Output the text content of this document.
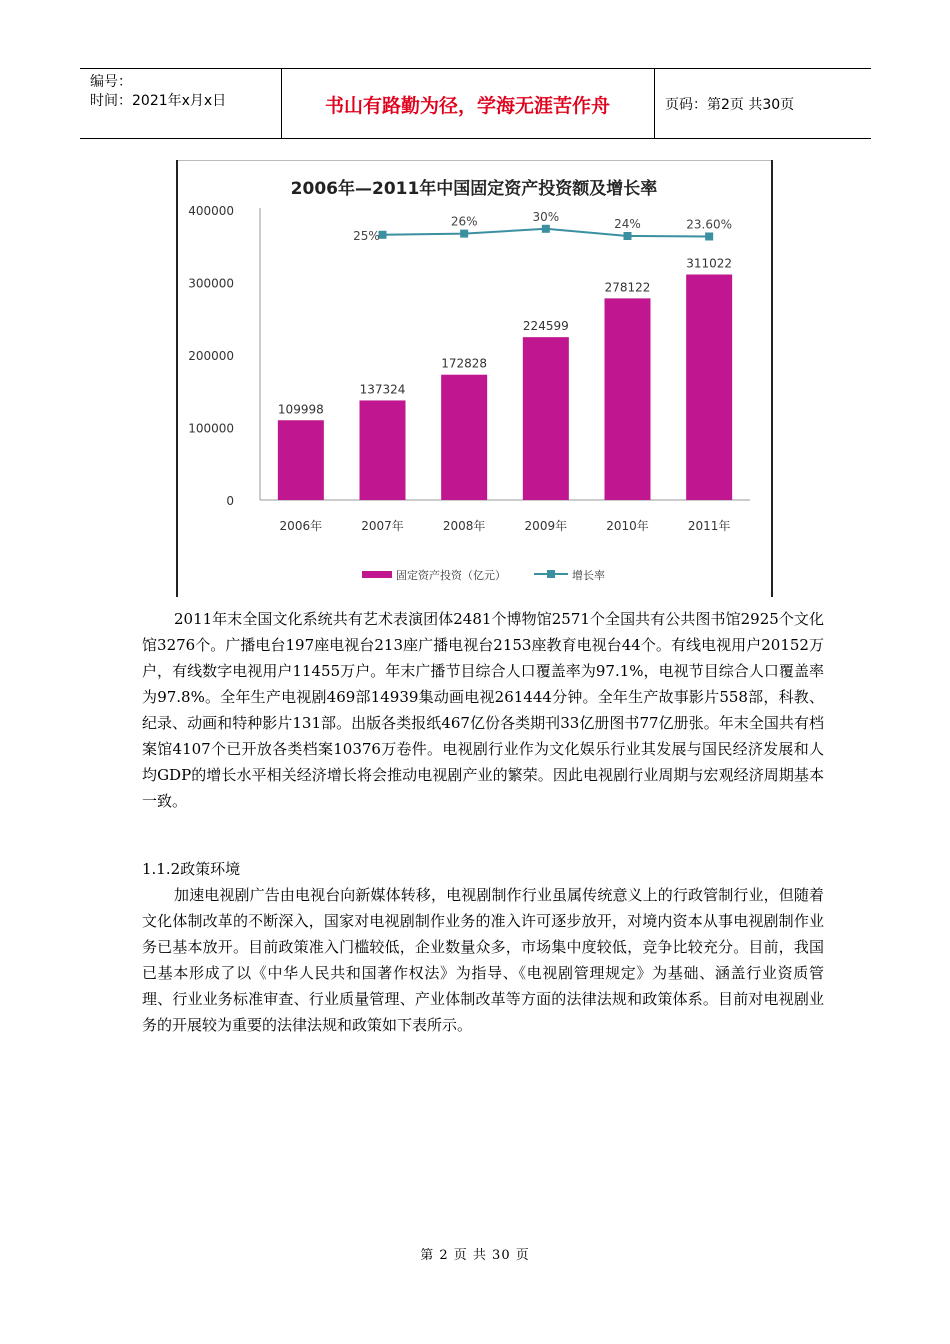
编号：
时间：2021年x月x日	书山有路勤为径，学海无涯苦作舟	页码：第2页 共30页
2006年—2011年中国固定资产投资额及增长率
0
100000
200000
300000
400000
109998
2006年
137324
2007年
172828
2008年
224599
2009年
278122
2010年
311022
2011年
25%
26%	30%
24%	23.60%
固定资产投资（亿元）	增长率
2011年末全国文化系统共有艺术表演团体2481个博物馆2571个全国共有公共图书馆2925个文化馆3276个。广播电台197座电视台213座广播电视台2153座教育电视台44个。有线电视用户20152万户，有线数字电视用户11455万户。年末广播节目综合人口覆盖率为97.1%，电视节目综合人口覆盖率为97.8%。全年生产电视剧469部14939集动画电视261444分钟。全年生产故事影片558部，科教、纪录、动画和特种影片131部。出版各类报纸467亿份各类期刊33亿册图书77亿册张。年末全国共有档案馆4107个已开放各类档案10376万卷件。电视剧行业作为文化娱乐行业其发展与国民经济发展和人均GDP的增长水平相关经济增长将会推动电视剧产业的繁荣。因此电视剧行业周期与宏观经济周期基本一致。
1.1.2政策环境
加速电视剧广告由电视台向新媒体转移，电视剧制作行业虽属传统意义上的行政管制行业，但随着文化体制改革的不断深入，国家对电视剧制作业务的准入许可逐步放开，对境内资本从事电视剧制作业务已基本放开。目前政策准入门槛较低，企业数量众多，市场集中度较低，竞争比较充分。目前，我国已基本形成了以《中华人民共和国著作权法》为指导、《电视剧管理规定》为基础、涵盖行业资质管理、行业业务标准审查、行业质量管理、产业体制改革等方面的法律法规和政策体系。目前对电视剧业务的开展较为重要的法律法规和政策如下表所示。
第 2 页 共 30 页
